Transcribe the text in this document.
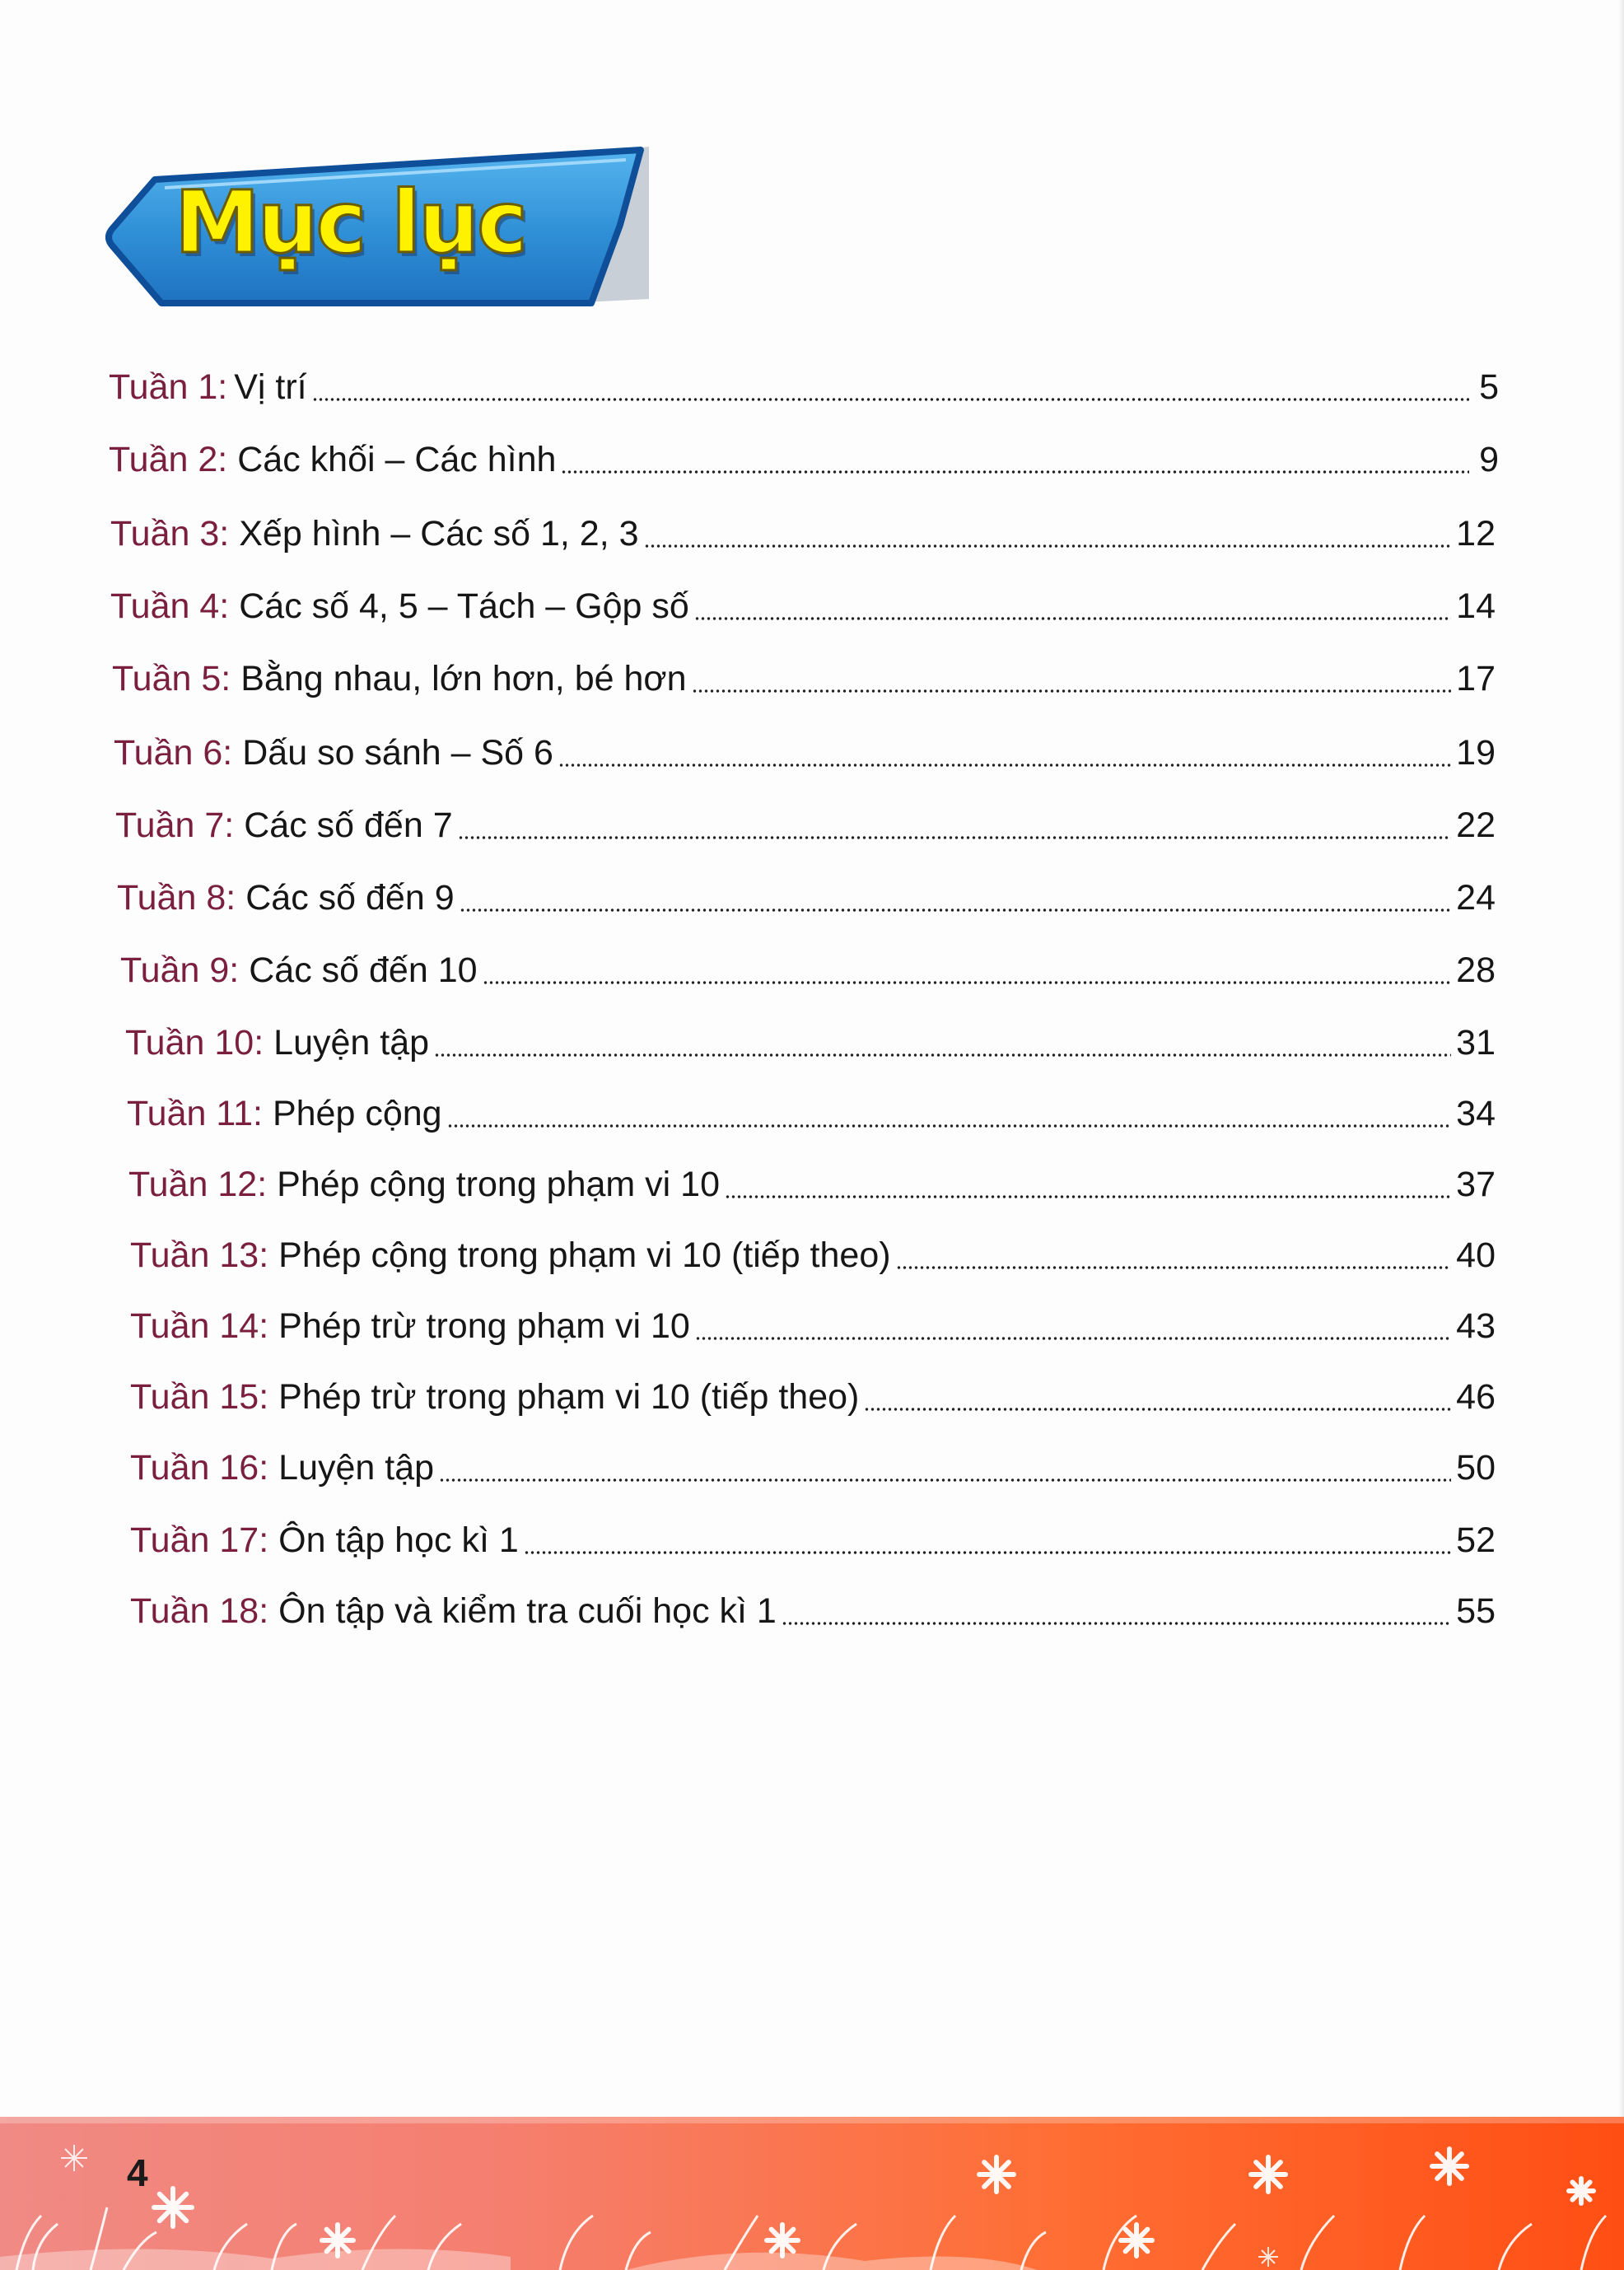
Mục lục
Tuần 1 : Vị trí	5
Tuần 2 : Các khối – Các hình	9
Tuần 3 : Xếp hình – Các số 1, 2, 3	12
Tuần 4 : Các số 4, 5 – Tách – Gộp số	14
Tuần 5 : Bằng nhau, lớn hơn, bé hơn	17
Tuần 6 : Dấu so sánh – Số 6	19
Tuần 7 : Các số đến 7	22
Tuần 8 : Các số đến 9	24
Tuần 9 : Các số đến 10	28
Tuần 10 : Luyện tập	31
Tuần 11 : Phép cộng	34
Tuần 12 : Phép cộng trong phạm vi 10	37
Tuần 13 : Phép cộng trong phạm vi 10 (tiếp theo)	40
Tuần 14 : Phép trừ trong phạm vi 10	43
Tuần 15 : Phép trừ trong phạm vi 10 (tiếp theo)	46
Tuần 16 : Luyện tập	50
Tuần 17 : Ôn tập học kì 1	52
Tuần 18 : Ôn tập và kiểm tra cuối học kì 1	55
4
